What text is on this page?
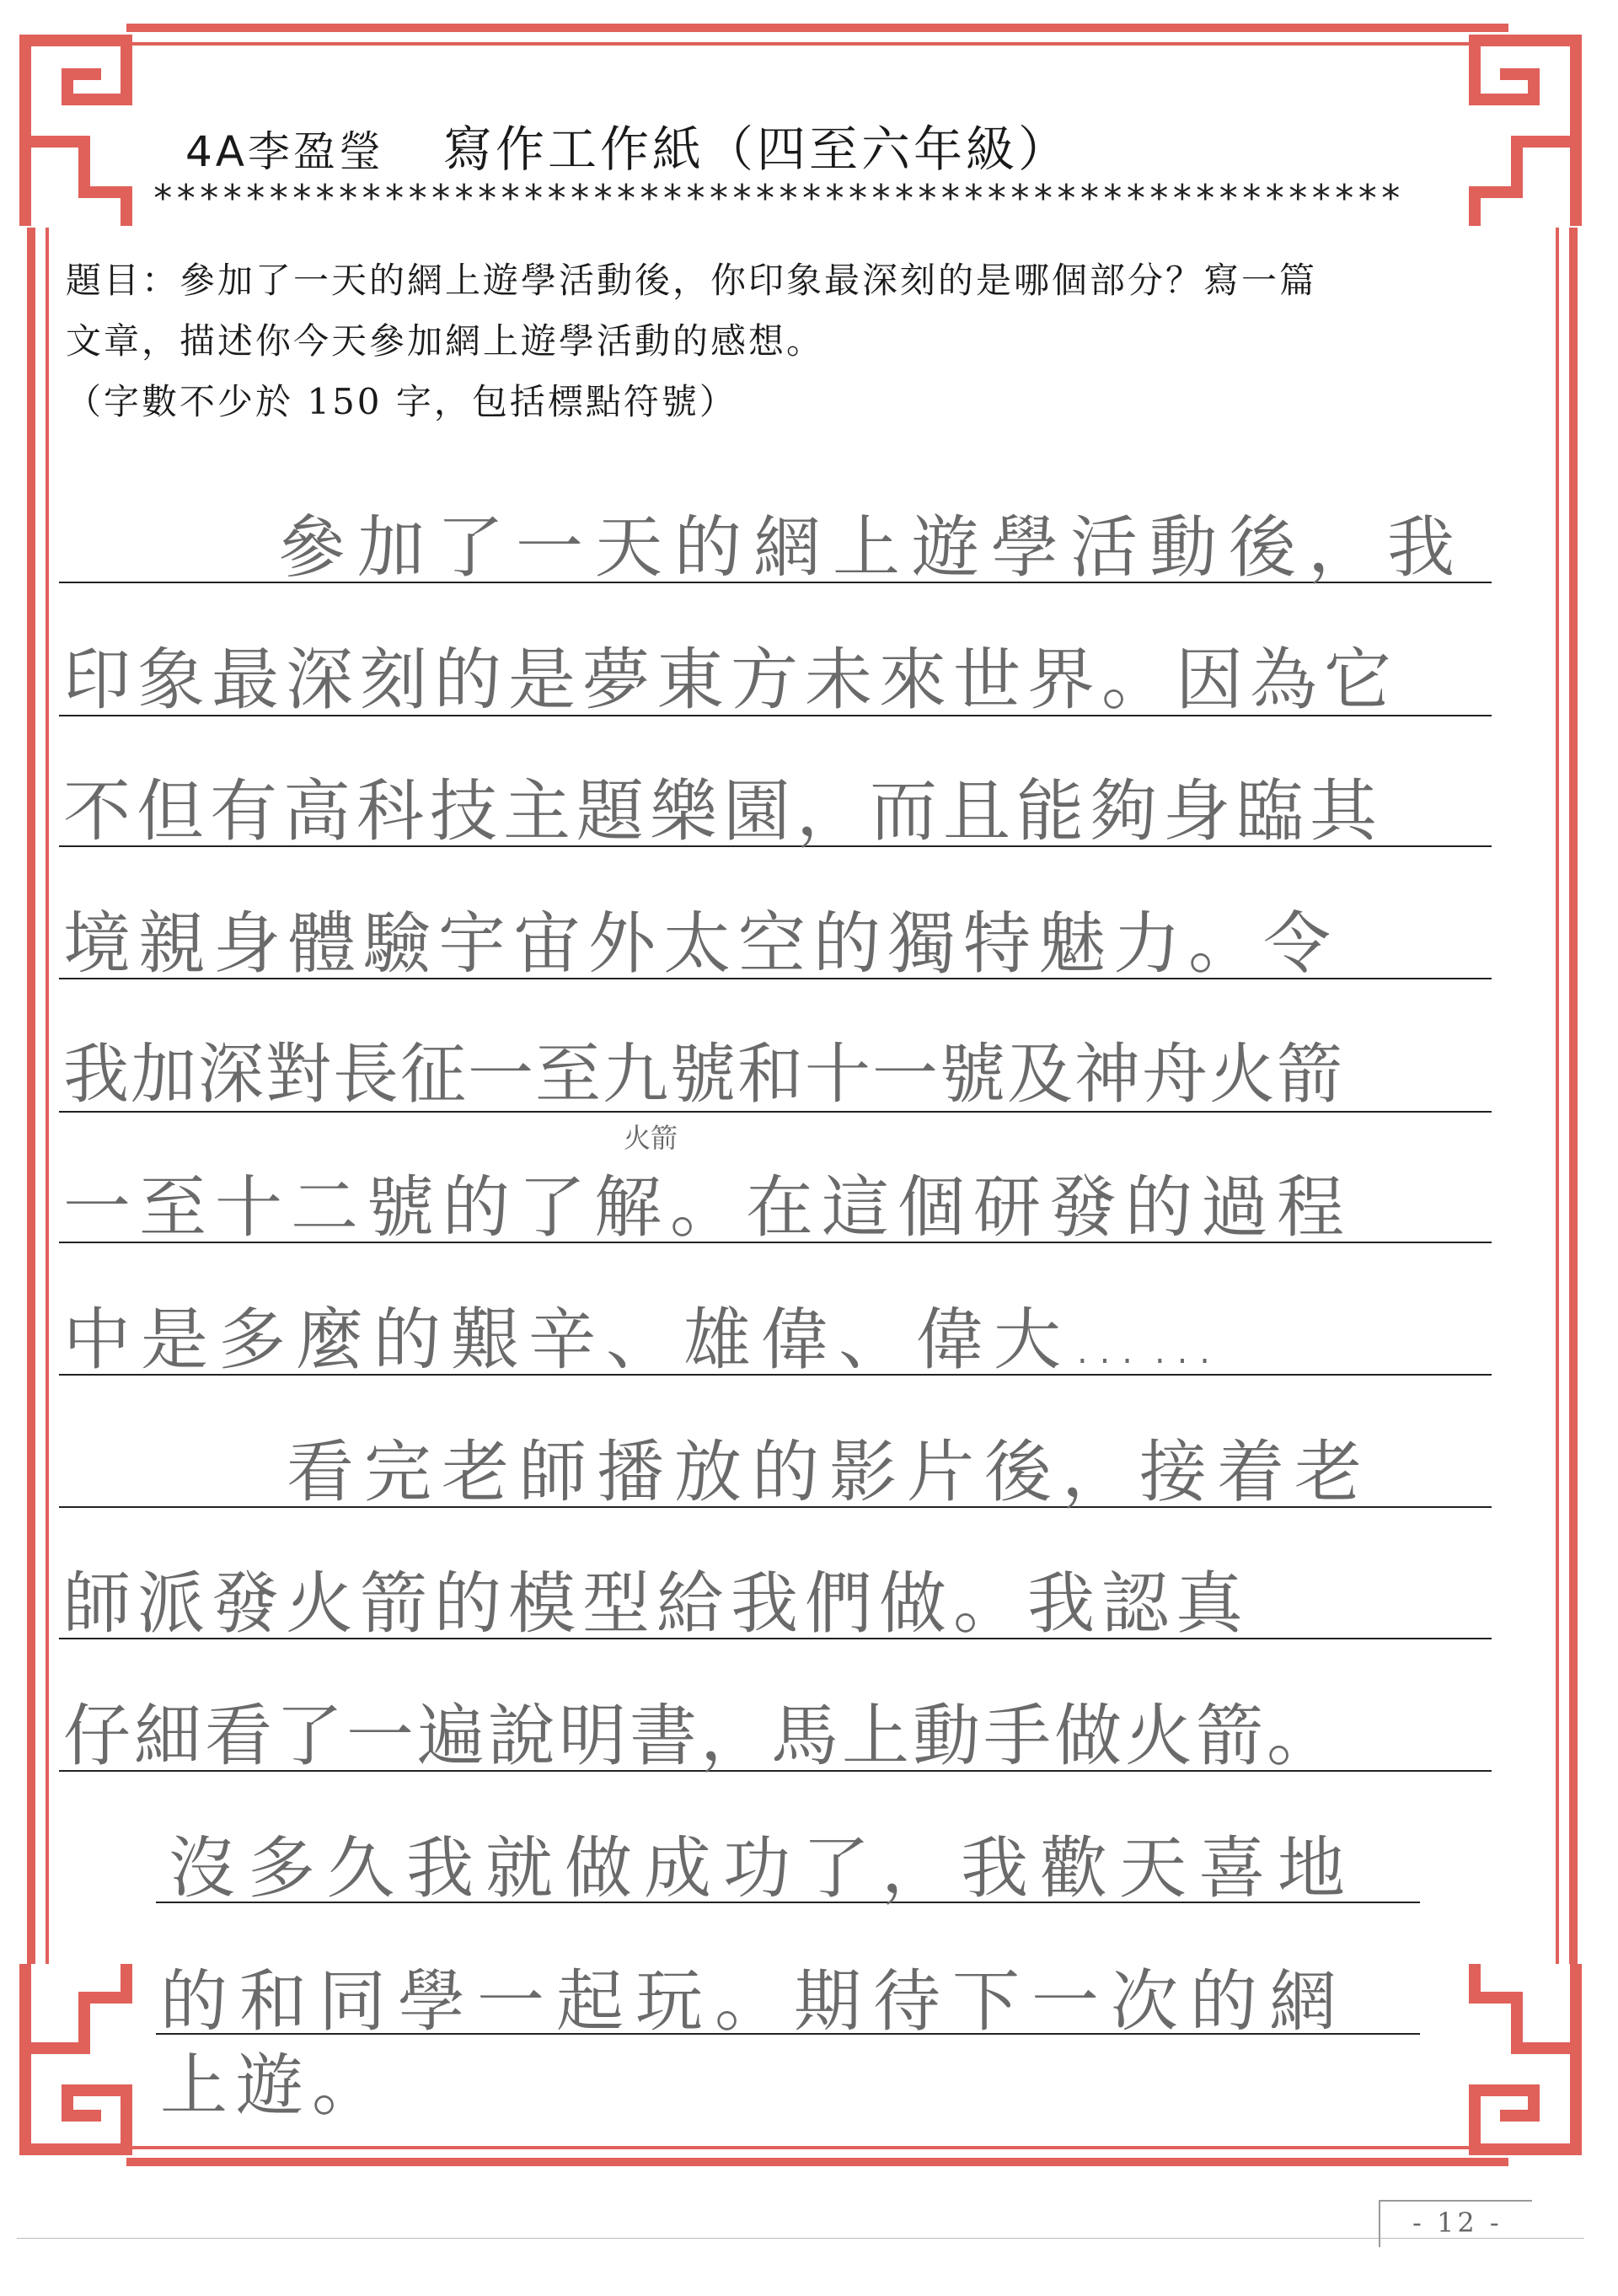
4A李盈瑩 寫作工作紙（四至六年級）
******************************************************
題目：參加了一天的網上遊學活動後，你印象最深刻的是哪個部分？寫一篇
文章，描述你今天參加網上遊學活動的感想。
（字數不少於 150 字，包括標點符號）
參加了一天的網上遊學活動後，我
印象最深刻的是夢東方未來世界。因為它
不但有高科技主題樂園，而且能夠身臨其
境親身體驗宇宙外太空的獨特魅力。令
我加深對長征一至九號和十一號及神舟火箭
火箭
一至十二號的了解。在這個研發的過程
中是多麼的艱辛、雄偉、偉大……
看完老師播放的影片後，接着老
師派發火箭的模型給我們做。我認真
仔細看了一遍說明書，馬上動手做火箭。
沒多久我就做成功了，我歡天喜地
的和同學一起玩。期待下一次的網
上遊。
- 12 -
